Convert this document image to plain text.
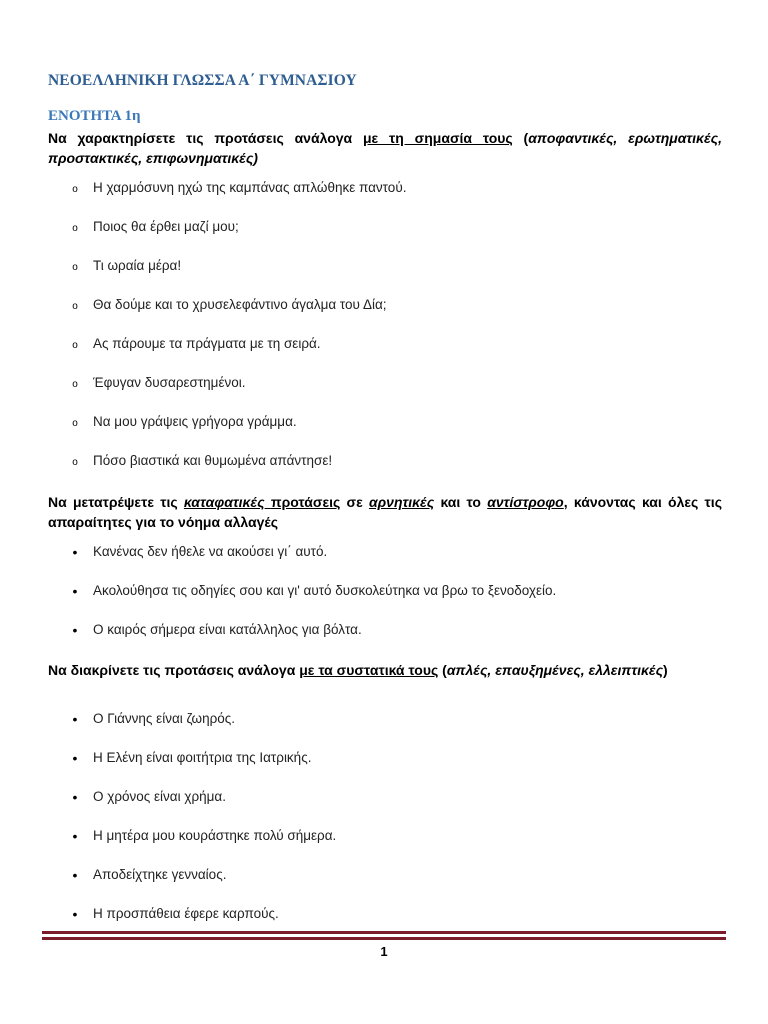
ΝΕΟΕΛΛΗΝΙΚΗ ΓΛΩΣΣΑ Α΄ ΓΥΜΝΑΣΙΟΥ
ΕΝΟΤΗΤΑ 1η
Να χαρακτηρίσετε τις προτάσεις ανάλογα με τη σημασία τους (αποφαντικές, ερωτηματικές, προστακτικές, επιφωνηματικές)
o	Η χαρμόσυνη ηχώ της καμπάνας απλώθηκε παντού.
o	Ποιος θα έρθει μαζί μου;
o	Τι ωραία μέρα!
o	Θα δούμε και το χρυσελεφάντινο άγαλμα του Δία;
o	Ας πάρουμε τα πράγματα με τη σειρά.
o	Έφυγαν δυσαρεστημένοι.
o	Να μου γράψεις γρήγορα γράμμα.
o	Πόσο βιαστικά και θυμωμένα απάντησε!
Να μετατρέψετε τις καταφατικές προτάσεις σε αρνητικές και το αντίστροφο, κάνοντας και όλες τις απαραίτητες για το νόημα αλλαγές
•	Κανένας δεν ήθελε να ακούσει γι΄ αυτό.
•	Ακολούθησα τις οδηγίες σου και γι' αυτό δυσκολεύτηκα να βρω το ξενοδοχείο.
•	Ο καιρός σήμερα είναι κατάλληλος για βόλτα.
Να διακρίνετε τις προτάσεις ανάλογα με τα συστατικά τους (απλές, επαυξημένες, ελλειπτικές)
•	Ο Γιάννης είναι ζωηρός.
•	Η Ελένη είναι φοιτήτρια της Ιατρικής.
•	Ο χρόνος είναι χρήμα.
•	Η μητέρα μου κουράστηκε πολύ σήμερα.
•	Αποδείχτηκε γενναίος.
•	Η προσπάθεια έφερε καρπούς.
1
